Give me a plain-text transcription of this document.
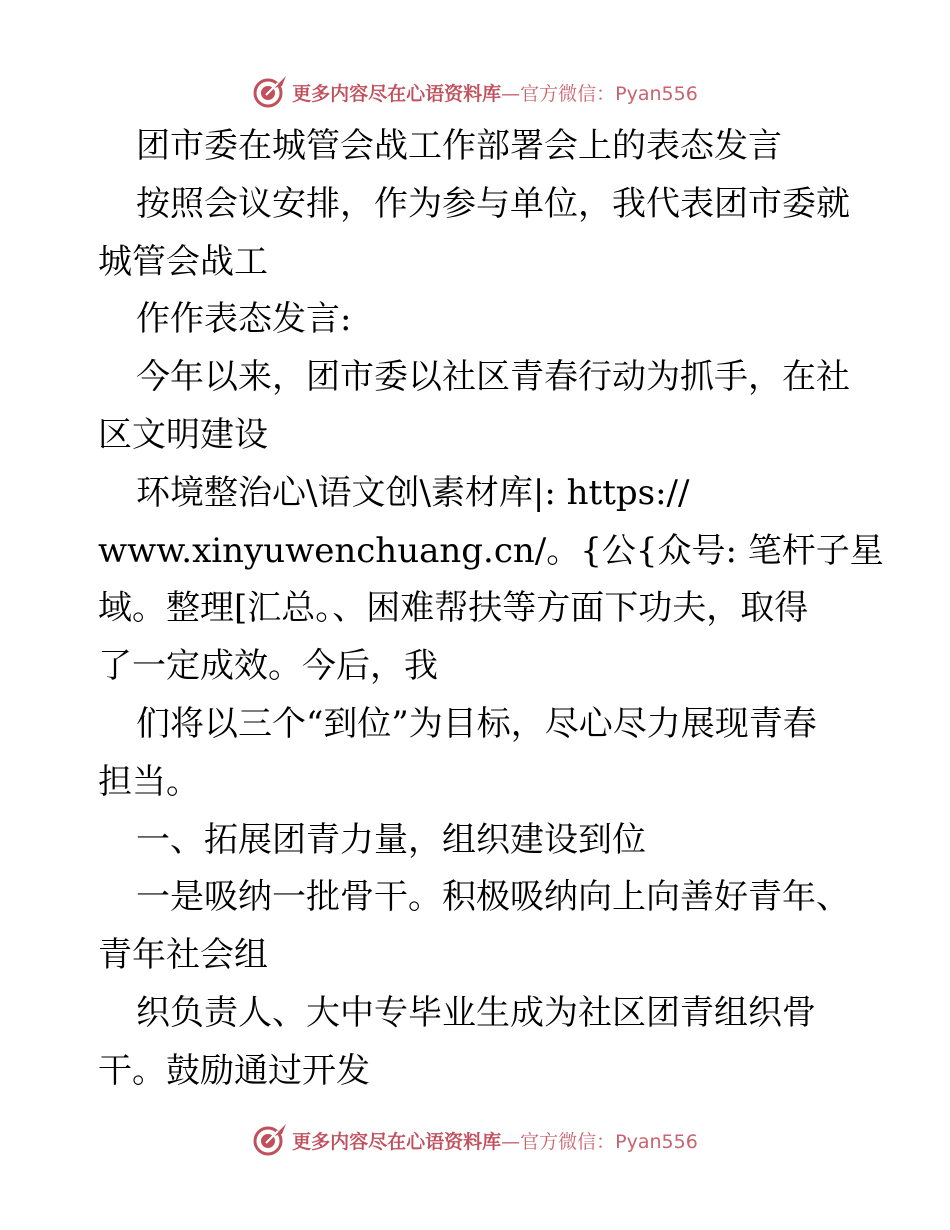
更多内容尽在心语资料库—官方微信：Pyan556
团市委在城管会战工作部署会上的表态发言
按照会议安排，作为参与单位，我代表团市委就
城管会战工
作作表态发言:
今年以来，团市委以社区青春行动为抓手，在社
区文明建设
环境整治心\语文创\素材库|: https://
www.xinyuwenchuang.cn/。{公{众号: 笔杆子星
域。整理[汇总。、困难帮扶等方面下功夫，取得
了一定成效。今后，我
们将以三个“到位”为目标，尽心尽力展现青春
担当。
一、拓展团青力量，组织建设到位
一是吸纳一批骨干。积极吸纳向上向善好青年、
青年社会组
织负责人、大中专毕业生成为社区团青组织骨
干。鼓励通过开发
更多内容尽在心语资料库—官方微信：Pyan556
